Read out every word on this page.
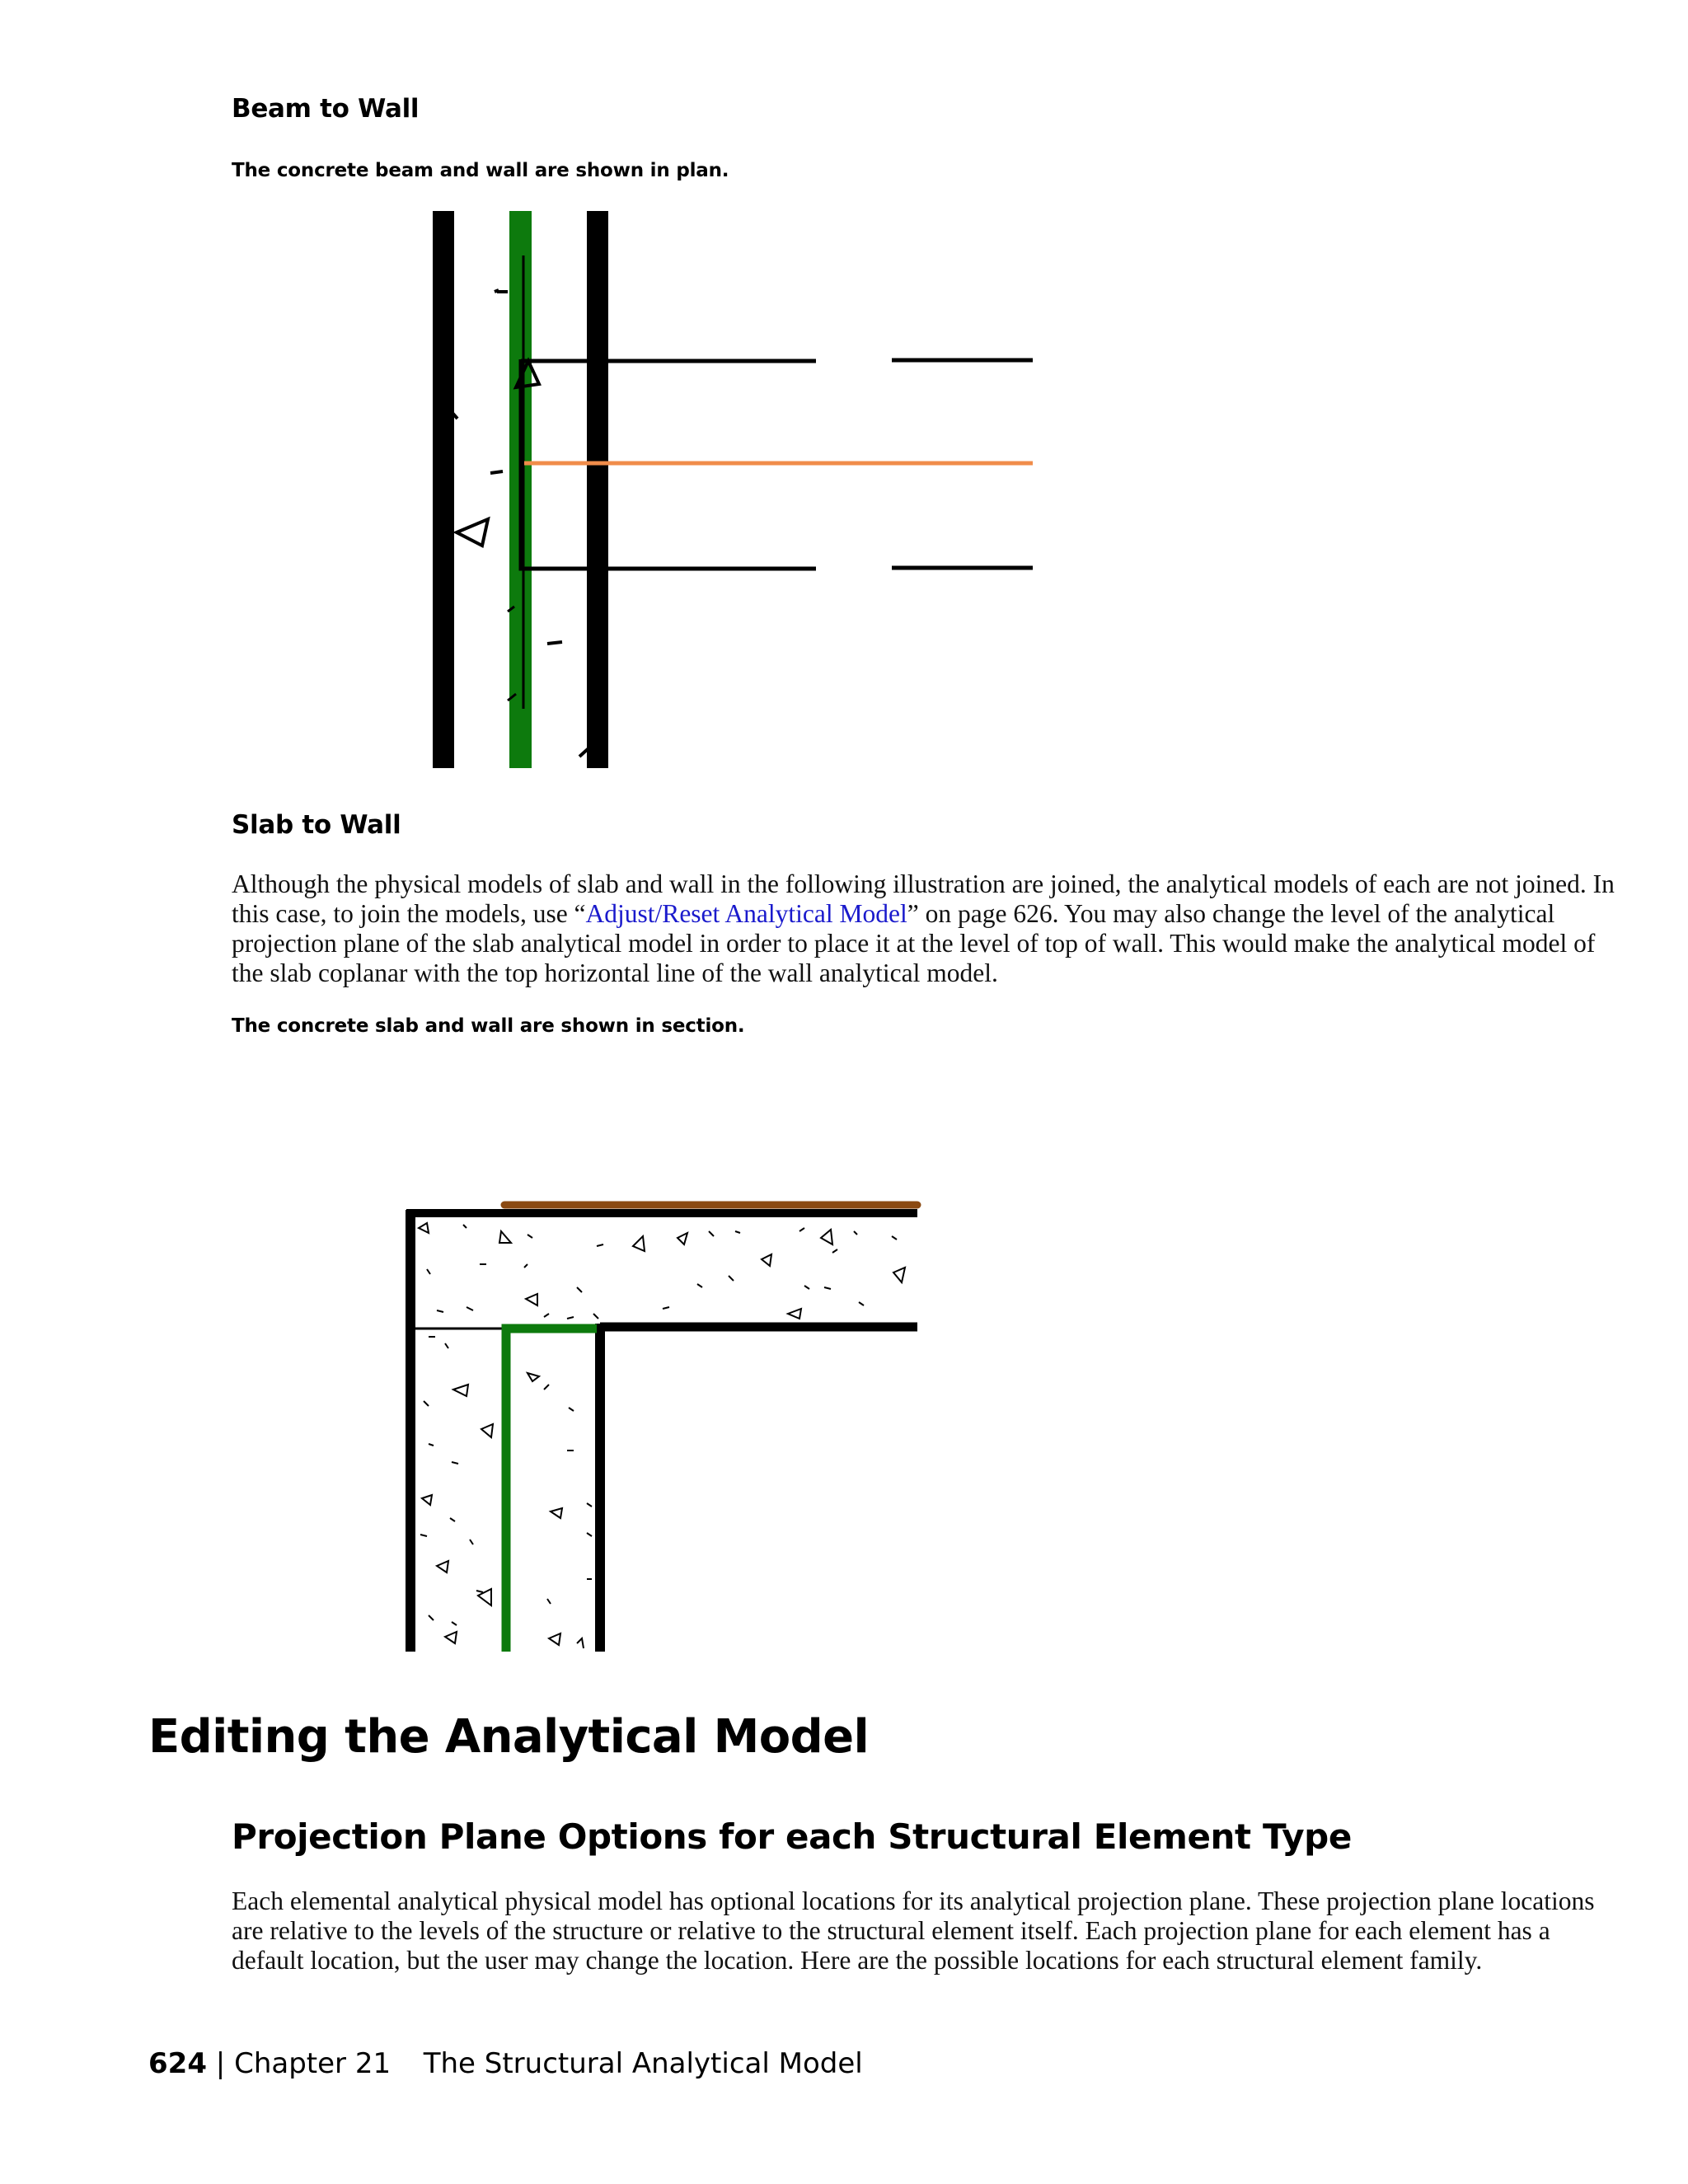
Beam to Wall
The concrete beam and wall are shown in plan.
Slab to Wall

Although the physical models of slab and wall in the following illustration are joined, the analytical models of each are not joined. In this case, to join the models, use “Adjust/Reset Analytical Model” on page 626. You may also change the level of the analytical projection plane of the slab analytical model in order to place it at the level of top of wall. This would make the analytical model of the slab coplanar with the top horizontal line of the wall analytical model.

The concrete slab and wall are shown in section.
Editing the Analytical Model
Projection Plane Options for each Structural Element Type

Each elemental analytical physical model has optional locations for its analytical projection plane. These projection plane locations are relative to the levels of the structure or relative to the structural element itself. Each projection plane for each element has a default location, but the user may change the location. Here are the possible locations for each structural element family.

624 | Chapter 21 The Structural Analytical Model
